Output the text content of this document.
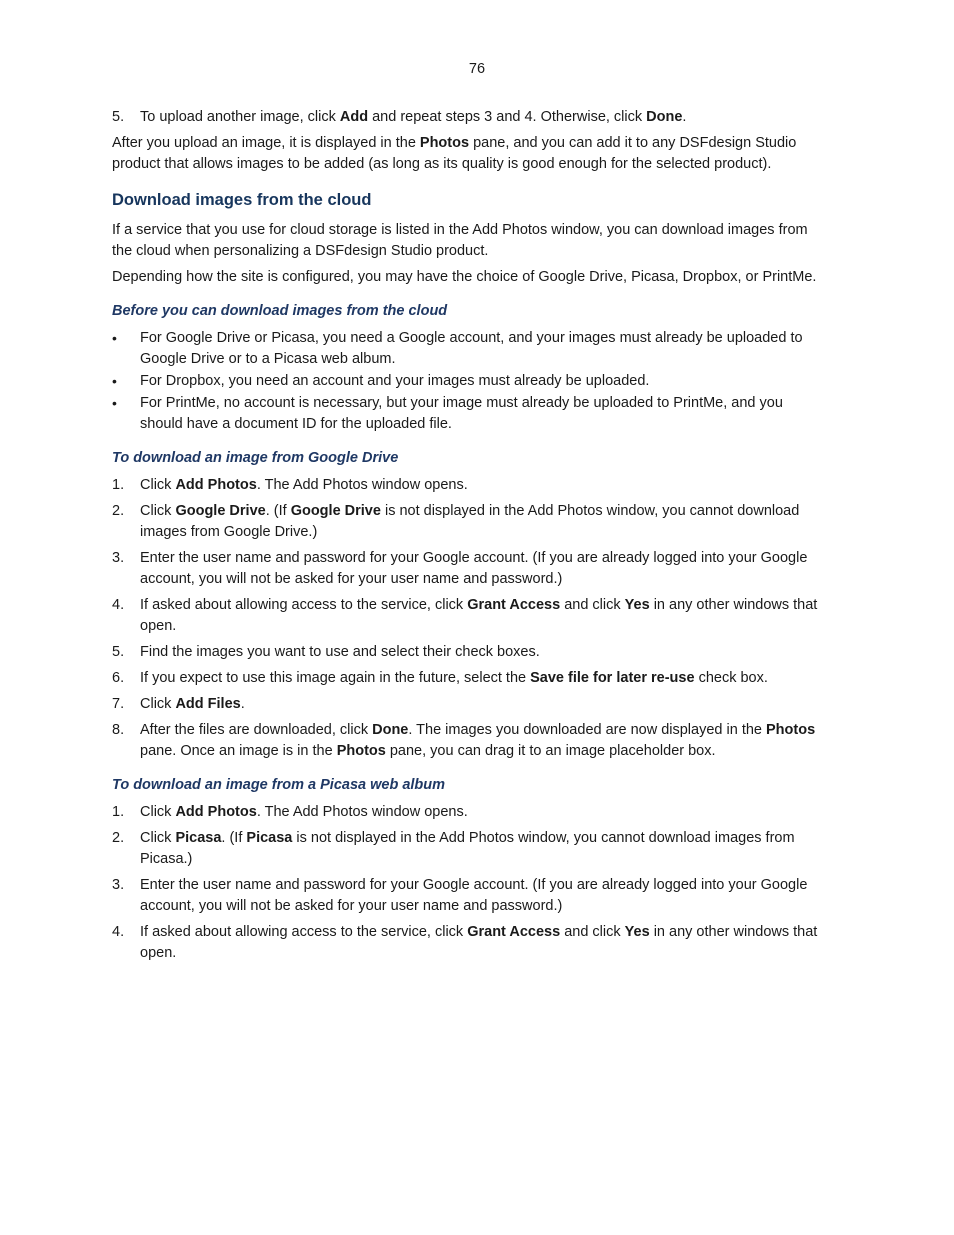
76
5.	To upload another image, click Add and repeat steps 3 and 4. Otherwise, click Done.

After you upload an image, it is displayed in the Photos pane, and you can add it to any DSFdesign Studio product that allows images to be added (as long as its quality is good enough for the selected product).

Download images from the cloud

If a service that you use for cloud storage is listed in the Add Photos window, you can download images from the cloud when personalizing a DSFdesign Studio product.

Depending how the site is configured, you may have the choice of Google Drive, Picasa, Dropbox, or PrintMe.

Before you can download images from the cloud
•	For Google Drive or Picasa, you need a Google account, and your images must already be uploaded to Google Drive or to a Picasa web album.
•	For Dropbox, you need an account and your images must already be uploaded.
•	For PrintMe, no account is necessary, but your image must already be uploaded to PrintMe, and you should have a document ID for the uploaded file.
To download an image from Google Drive
1.	Click Add Photos. The Add Photos window opens.
2.	Click Google Drive. (If Google Drive is not displayed in the Add Photos window, you cannot download images from Google Drive.)
3.	Enter the user name and password for your Google account. (If you are already logged into your Google account, you will not be asked for your user name and password.)
4.	If asked about allowing access to the service, click Grant Access and click Yes in any other windows that open.
5.	Find the images you want to use and select their check boxes.
6.	If you expect to use this image again in the future, select the Save file for later re-use check box.
7.	Click Add Files.
8.	After the files are downloaded, click Done. The images you downloaded are now displayed in the Photos pane. Once an image is in the Photos pane, you can drag it to an image placeholder box.
To download an image from a Picasa web album
1.	Click Add Photos. The Add Photos window opens.
2.	Click Picasa. (If Picasa is not displayed in the Add Photos window, you cannot download images from Picasa.)
3.	Enter the user name and password for your Google account. (If you are already logged into your Google account, you will not be asked for your user name and password.)
4.	If asked about allowing access to the service, click Grant Access and click Yes in any other windows that open.
